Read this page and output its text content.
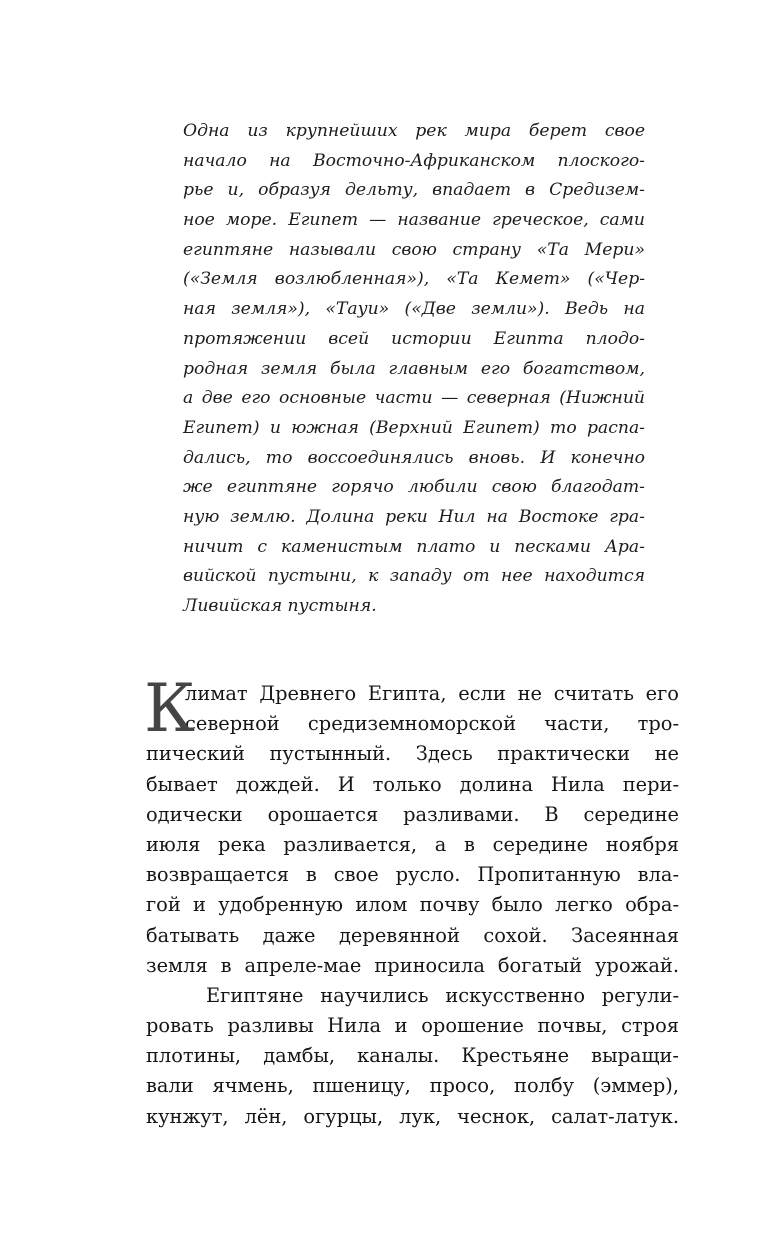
Одна из крупнейших рек мира берет свое
начало на Восточно-Африканском плоского-
рье и, образуя дельту, впадает в Средизем-
ное море. Египет — название греческое, сами
египтяне называли свою страну «Та Мери»
(«Земля возлюбленная»), «Та Кемет» («Чер-
ная земля»), «Тауи» («Две земли»). Ведь на
протяжении всей истории Египта плодо-
родная земля была главным его богатством,
а две его основные части — северная (Нижний
Египет) и южная (Верхний Египет) то распа-
дались, то воссоединялись вновь. И конечно
же египтяне горячо любили свою благодат-
ную землю. Долина реки Нил на Востоке гра-
ничит с каменистым плато и песками Ара-
вийской пустыни, к западу от нее находится
Ливийская пустыня.
К
лимат Древнего Египта, если не считать его
северной средиземноморской части, тро-
пический пустынный. Здесь практически не
бывает дождей. И только долина Нила пери-
одически орошается разливами. В середине
июля река разливается, а в середине ноября
возвращается в свое русло. Пропитанную вла-
гой и удобренную илом почву было легко обра-
батывать даже деревянной сохой. Засеянная
земля в апреле-мае приносила богатый урожай.
Египтяне научились искусственно регули-
ровать разливы Нила и орошение почвы, строя
плотины, дамбы, каналы. Крестьяне выращи-
вали ячмень, пшеницу, просо, полбу (эммер),
кунжут, лён, огурцы, лук, чеснок, салат-латук.
